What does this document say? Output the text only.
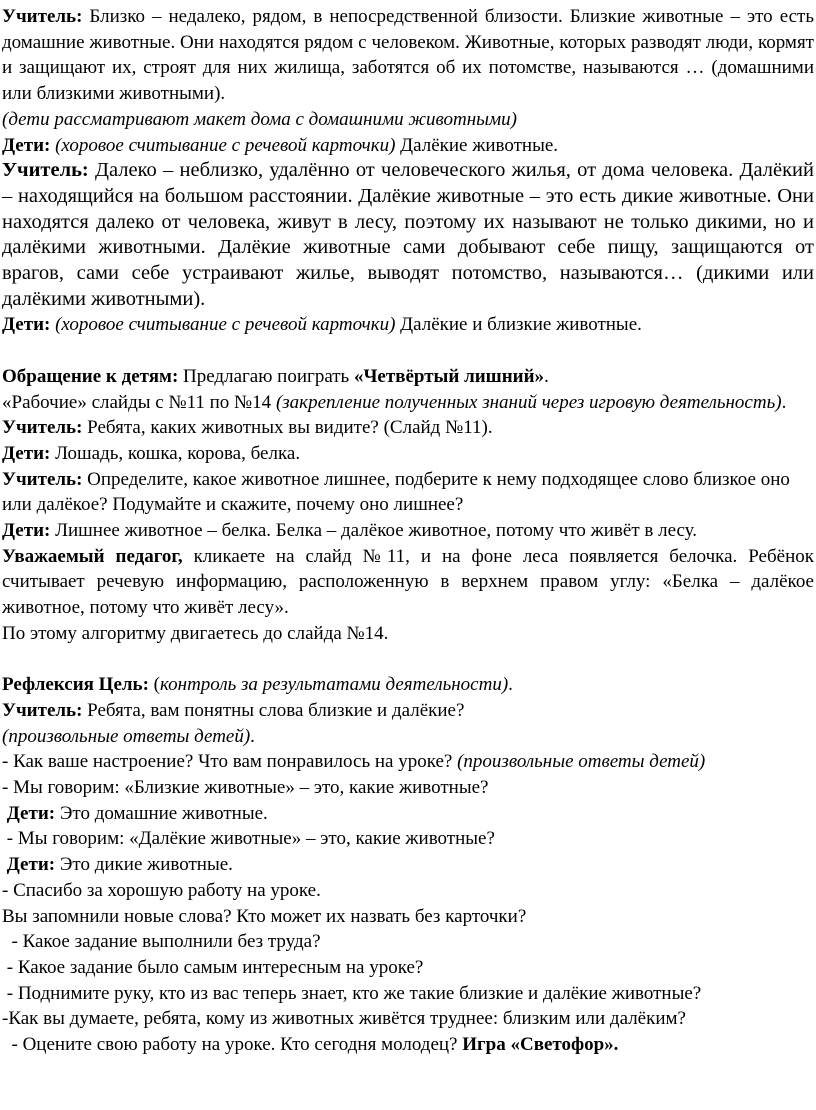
Учитель: Близко – недалеко, рядом, в непосредственной близости. Близкие животные – это есть домашние животные. Они находятся рядом с человеком. Животные, которых разводят люди, кормят и защищают их, строят для них жилища, заботятся об их потомстве, называются … (домашними или близкими животными).

(дети рассматривают макет дома с домашними животными)

Дети: (хоровое считывание с речевой карточки) Далёкие животные.

Учитель: Далеко – неблизко, удалённо от человеческого жилья, от дома человека. Далёкий – находящийся на большом расстоянии. Далёкие животные – это есть дикие животные. Они находятся далеко от человека, живут в лесу, поэтому их называют не только дикими, но и далёкими животными. Далёкие животные сами добывают себе пищу, защищаются от врагов, сами себе устраивают жилье, выводят потомство, называются… (дикими или далёкими животными).

Дети: (хоровое считывание с речевой карточки) Далёкие и близкие животные.

Обращение к детям: Предлагаю поиграть «Четвёртый лишний».

«Рабочие» слайды с №11 по №14 (закрепление полученных знаний через игровую деятельность).

Учитель: Ребята, каких животных вы видите? (Слайд №11).

Дети: Лошадь, кошка, корова, белка.

Учитель: Определите, какое животное лишнее, подберите к нему подходящее слово близкое оно или далёкое? Подумайте и скажите, почему оно лишнее?

Дети: Лишнее животное – белка. Белка – далёкое животное, потому что живёт в лесу.

Уважаемый педагог, кликаете на слайд №11, и на фоне леса появляется белочка. Ребёнок считывает речевую информацию, расположенную в верхнем правом углу: «Белка – далёкое животное, потому что живёт лесу».

По этому алгоритму двигаетесь до слайда №14.

Рефлексия Цель: (контроль за результатами деятельности).

Учитель: Ребята, вам понятны слова близкие и далёкие?

(произвольные ответы детей).

- Как ваше настроение? Что вам понравилось на уроке? (произвольные ответы детей)

- Мы говорим: «Близкие животные» – это, какие животные?

Дети: Это домашние животные.

- Мы говорим: «Далёкие животные» – это, какие животные?

Дети: Это дикие животные.

- Спасибо за хорошую работу на уроке.

Вы запомнили новые слова? Кто может их назвать без карточки?

- Какое задание выполнили без труда?

- Какое задание было самым интересным на уроке?

- Поднимите руку, кто из вас теперь знает, кто же такие близкие и далёкие животные?

-Как вы думаете, ребята, кому из животных живётся труднее: близким или далёким?

- Оцените свою работу на уроке. Кто сегодня молодец? Игра «Светофор».
